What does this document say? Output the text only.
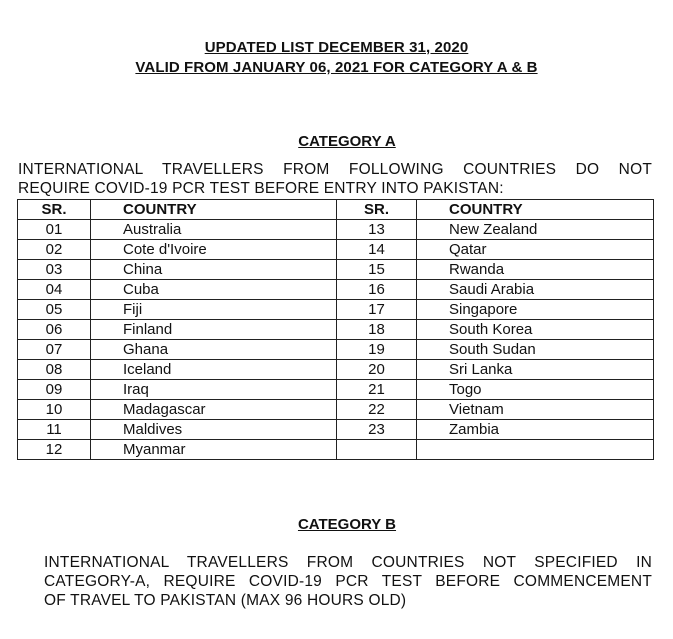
UPDATED LIST DECEMBER 31, 2020
VALID FROM JANUARY 06, 2021 FOR CATEGORY A & B
CATEGORY A
INTERNATIONAL TRAVELLERS FROM FOLLOWING COUNTRIES DO NOT
REQUIRE COVID-19 PCR TEST BEFORE ENTRY INTO PAKISTAN:
SR.	COUNTRY	SR.	COUNTRY
01	Australia	13	New Zealand
02	Cote d'Ivoire	14	Qatar
03	China	15	Rwanda
04	Cuba	16	Saudi Arabia
05	Fiji	17	Singapore
06	Finland	18	South Korea
07	Ghana	19	South Sudan
08	Iceland	20	Sri Lanka
09	Iraq	21	Togo
10	Madagascar	22	Vietnam
11	Maldives	23	Zambia
12	Myanmar		
CATEGORY B
INTERNATIONAL TRAVELLERS FROM COUNTRIES NOT SPECIFIED IN
CATEGORY-A, REQUIRE COVID-19 PCR TEST BEFORE COMMENCEMENT
OF TRAVEL TO PAKISTAN (MAX 96 HOURS OLD)
